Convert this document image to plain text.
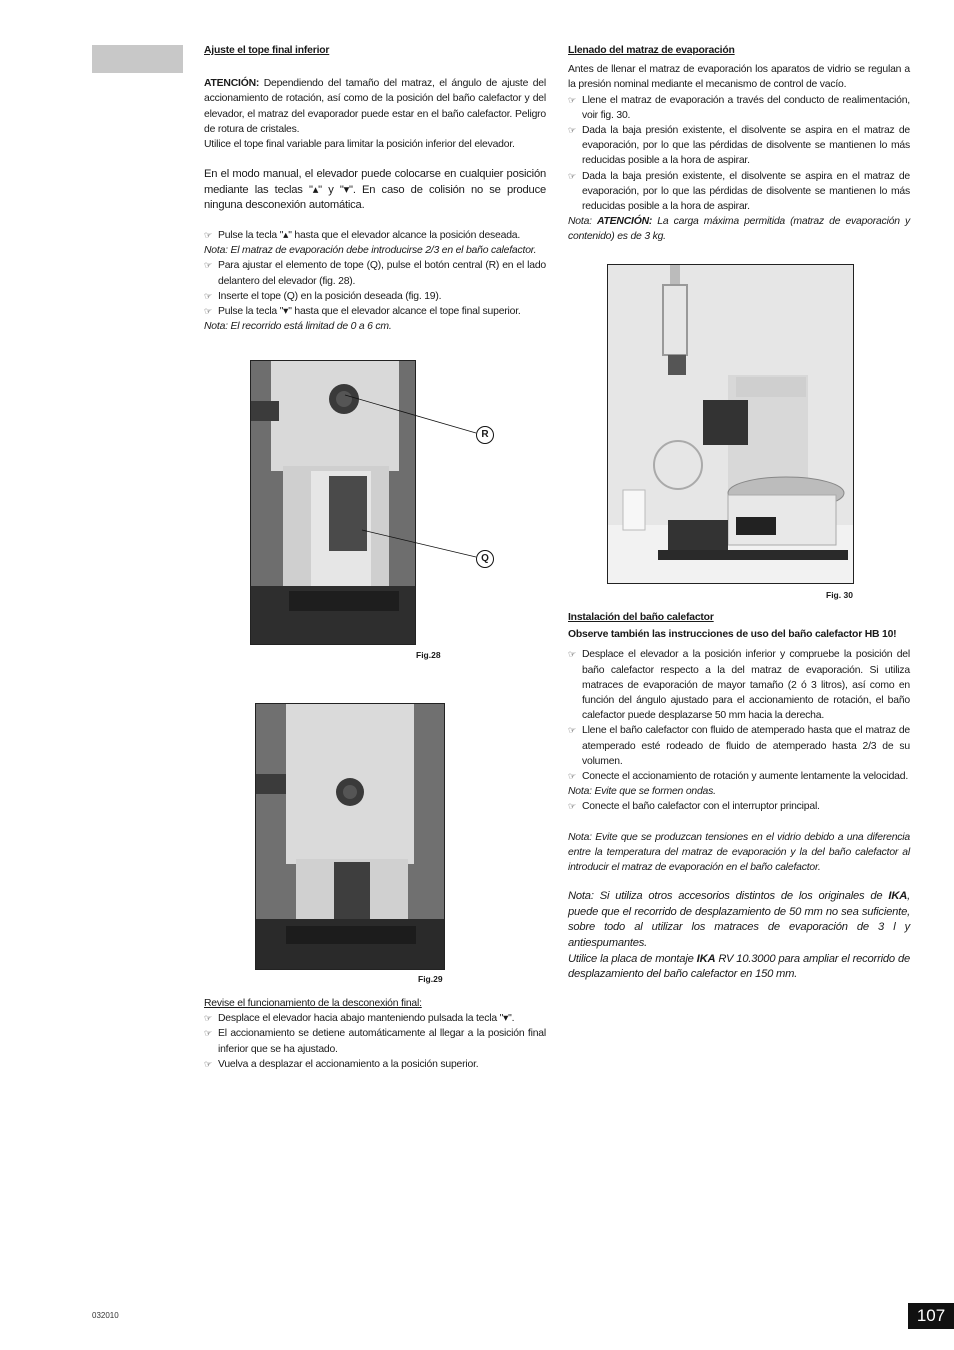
Ajuste el tope final inferior

ATENCIÓN: Dependiendo del tamaño del matraz, el ángulo de ajuste del accionamiento de rotación, así como de la posición del baño calefactor y del elevador, el matraz del evaporador puede estar en el baño calefactor. Peligro de rotura de cristales.

Utilice el tope final variable para limitar la posición inferior del elevador.

En el modo manual, el elevador puede colocarse en cualquier posición mediante las teclas "▴" y "▾". En caso de colisión no se produce ninguna desconexión automática.

☞ Pulse la tecla "▴" hasta que el elevador alcance la posición deseada.

Nota: El matraz de evaporación debe introducirse 2/3 en el baño calefactor.

☞ Para ajustar el elemento de tope (Q), pulse el botón central (R) en el lado delantero del elevador (fig. 28).

☞ Inserte el tope (Q) en la posición deseada (fig. 19).

☞ Pulse la tecla "▾" hasta que el elevador alcance el tope final superior.

Nota: El recorrido está limitad de 0 a 6 cm.

R
Q
Fig.28
Fig.29

Revise el funcionamiento de la desconexión final:

☞ Desplace el elevador hacia abajo manteniendo pulsada la tecla "▾".

☞ El accionamiento se detiene automáticamente al llegar a la posición final inferior que se ha ajustado.

☞ Vuelva a desplazar el accionamiento a la posición superior.

Llenado del matraz de evaporación

Antes de llenar el matraz de evaporación los aparatos de vidrio se regulan a la presión nominal mediante el mecanismo de control de vacío.

☞ Llene el matraz de evaporación a través del conducto de realimentación, voir fig. 30.

☞ Dada la baja presión existente, el disolvente se aspira en el matraz de evaporación, por lo que las pérdidas de disolvente se mantienen lo más reducidas posible a la hora de aspirar.

☞ Dada la baja presión existente, el disolvente se aspira en el matraz de evaporación, por lo que las pérdidas de disolvente se mantienen lo más reducidas posible a la hora de aspirar.

Nota: ATENCIÓN: La carga máxima permitida (matraz de evaporación y contenido) es de 3 kg.

Fig. 30
Instalación del baño calefactor
Observe también las instrucciones de uso del baño calefactor HB 10!

☞ Desplace el elevador a la posición inferior y compruebe la posición del baño calefactor respecto a la del matraz de evaporación. Si utiliza matraces de evaporación de mayor tamaño (2 ó 3 litros), así como en función del ángulo ajustado para el accionamiento de rotación, el baño calefactor puede desplazarse 50 mm hacia la derecha.

☞ Llene el baño calefactor con fluido de atemperado hasta que el matraz de atemperado esté rodeado de fluido de atemperado hasta 2/3 de su volumen.

☞ Conecte el accionamiento de rotación y aumente lentamente la velocidad.

Nota: Evite que se formen ondas.

☞ Conecte el baño calefactor con el interruptor principal.

Nota: Evite que se produzcan tensiones en el vidrio debido a una diferencia entre la temperatura del matraz de evaporación y la del baño calefactor al introducir el matraz de evaporación en el baño calefactor.

Nota: Si utiliza otros accesorios distintos de los originales de IKA, puede que el recorrido de desplazamiento de 50 mm no sea suficiente, sobre todo al utilizar los matraces de evaporación de 3 l y antiespumantes.

Utilice la placa de montaje IKA RV 10.3000 para ampliar el recorrido de desplazamiento del baño calefactor en 150 mm.

032010	107
